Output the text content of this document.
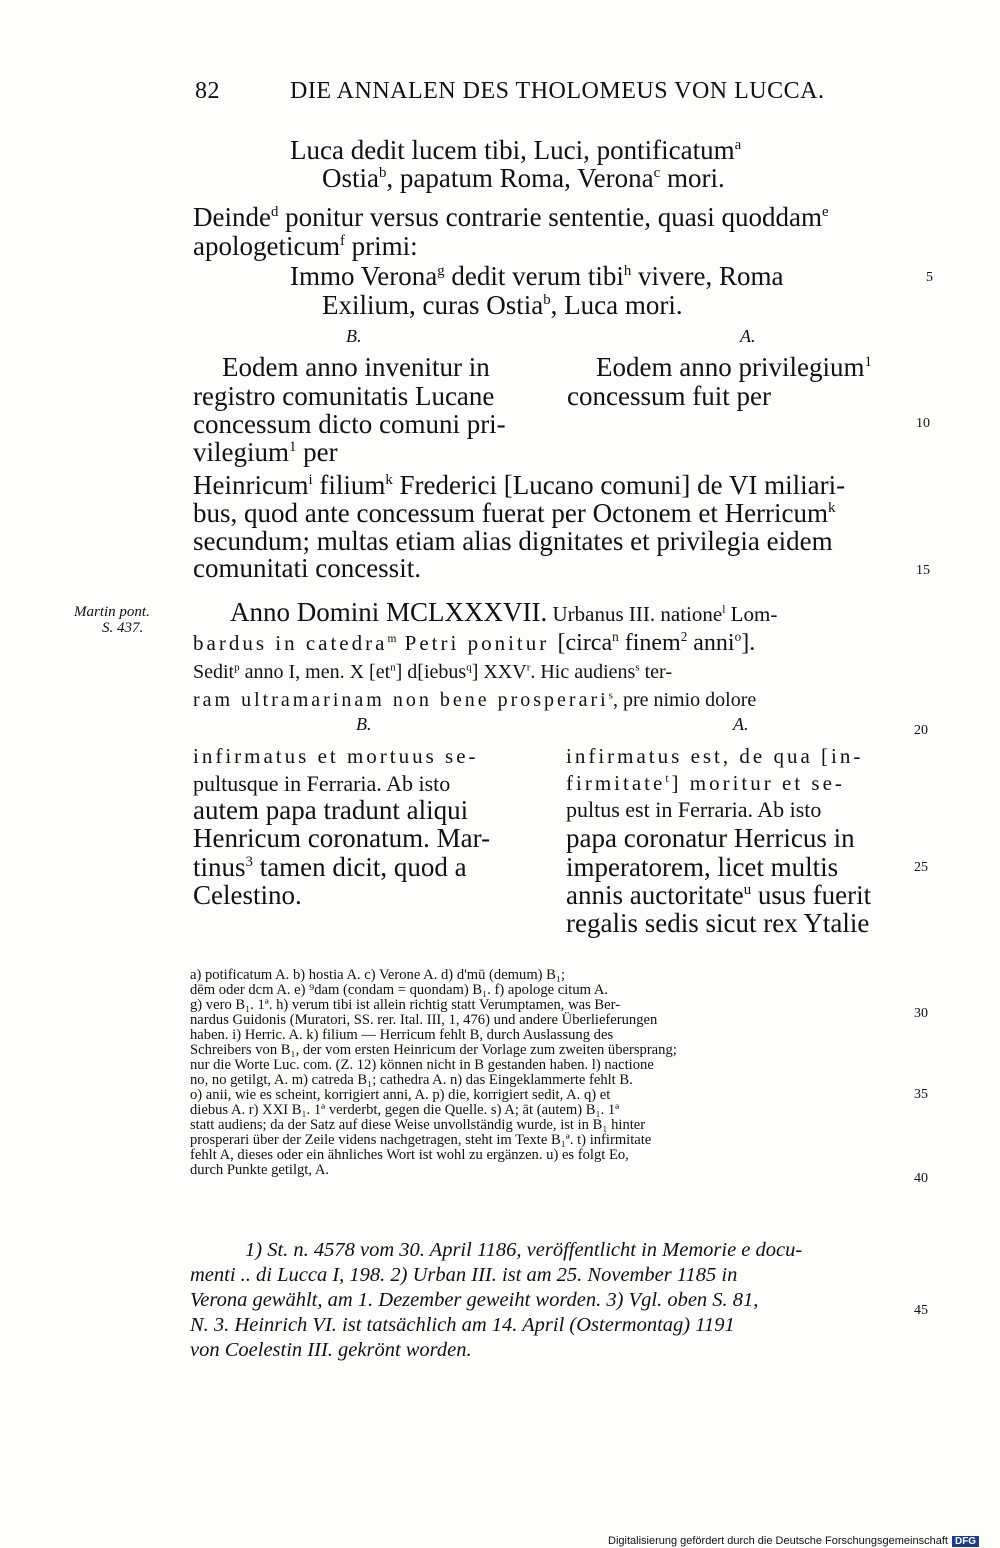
82	DIE ANNALEN DES THOLOMEUS VON LUCCA.
Luca dedit lucem tibi, Luci, pontificatum$^a$
Ostia$^b$, papatum Roma, Verona$^c$ mori.
Deinde$^d$ ponitur versus contrarie sententie, quasi quoddam$^e$
apologeticum$^f$ primi:
Immo Verona$^g$ dedit verum tibi$^h$ vivere, Roma
Exilium, curas Ostia$^b$, Luca mori.
5
10
15
20
25
30
35
40
45
B.	A.
Eodem anno invenitur in
registro comunitatis Lucane
concessum dicto comuni pri-
vilegium$^1$ per
Eodem anno privilegium$^1$
concessum fuit per
Heinricum$^i$ filium$^k$ Frederici [Lucano comuni] de VI miliari-
bus, quod ante concessum fuerat per Octonem et Herricum$^k$
secundum; multas etiam alias dignitates et privilegia eidem
comunitati concessit.
Martin pont.
S. 437.
Anno Domini MCLXXXVII. Urbanus III. natione$^l$ Lom-
bardus in catedra$^m$ Petri ponitur [circa$^n$ finem$^2$ anni$^o$].
Sedit$^p$ anno I, men. X $[et^n]$ d[iebus$^q$] XXV$^r$. Hic audiens$^s$ ter-
ram ultramarinam non bene prosperari$^s$, pre nimio dolore
B.	A.
infirmatus et mortuus se-
pultusque in Ferraria. Ab isto
autem papa tradunt aliqui
Henricum coronatum. Mar-
tinus$^3$ tamen dicit, quod a
Celestino.
infirmatus est, de qua [in-
firmitate$^t$] moritur et se-
pultus est in Ferraria. Ab isto
papa coronatur Herricus in
imperatorem, licet multis
annis auctoritate$^u$ usus fuerit
regalis sedis sicut rex Ytalie
a) potificatum A. b) hostia A. c) Verone A. d) d'mū (demum) B₁;
dēm oder dcm A. e) ⁹dam (condam = quondam) B₁. f) apologe citum A.
g) vero B₁. 1ª. h) verum tibi ist allein richtig statt Verumptamen, was Ber-
nardus Guidonis (Muratori, SS. rer. Ital. III, 1, 476) und andere Überlieferungen
haben. i) Herric. A. k) filium — Herricum fehlt B, durch Auslassung des
Schreibers von B₁, der vom ersten Heinricum der Vorlage zum zweiten übersprang;
nur die Worte Luc. com. (Z. 12) können nicht in B gestanden haben. l) nactione
no, no getilgt, A. m) catreda B₁; cathedra A. n) das Eingeklammerte fehlt B.
o) anii, wie es scheint, korrigiert anni, A. p) die, korrigiert sedit, A. q) et
diebus A. r) XXI B₁. 1ª verderbt, gegen die Quelle. s) A; āt (autem) B₁. 1ª
statt audiens; da der Satz auf diese Weise unvollständig wurde, ist in B₁ hinter
prosperari über der Zeile videns nachgetragen, steht im Texte B₁ª. t) infirmitate
fehlt A, dieses oder ein ähnliches Wort ist wohl zu ergänzen. u) es folgt Eo,
durch Punkte getilgt, A.
1) St. n. 4578 vom 30. April 1186, veröffentlicht in Memorie e docu-
menti .. di Lucca I, 198. 2) Urban III. ist am 25. November 1185 in
Verona gewählt, am 1. Dezember geweiht worden. 3) Vgl. oben S. 81,
N. 3. Heinrich VI. ist tatsächlich am 14. April (Ostermontag) 1191
von Coelestin III. gekrönt worden.
Digitalisierung gefördert durch die Deutsche Forschungsgemeinschaft DFG
